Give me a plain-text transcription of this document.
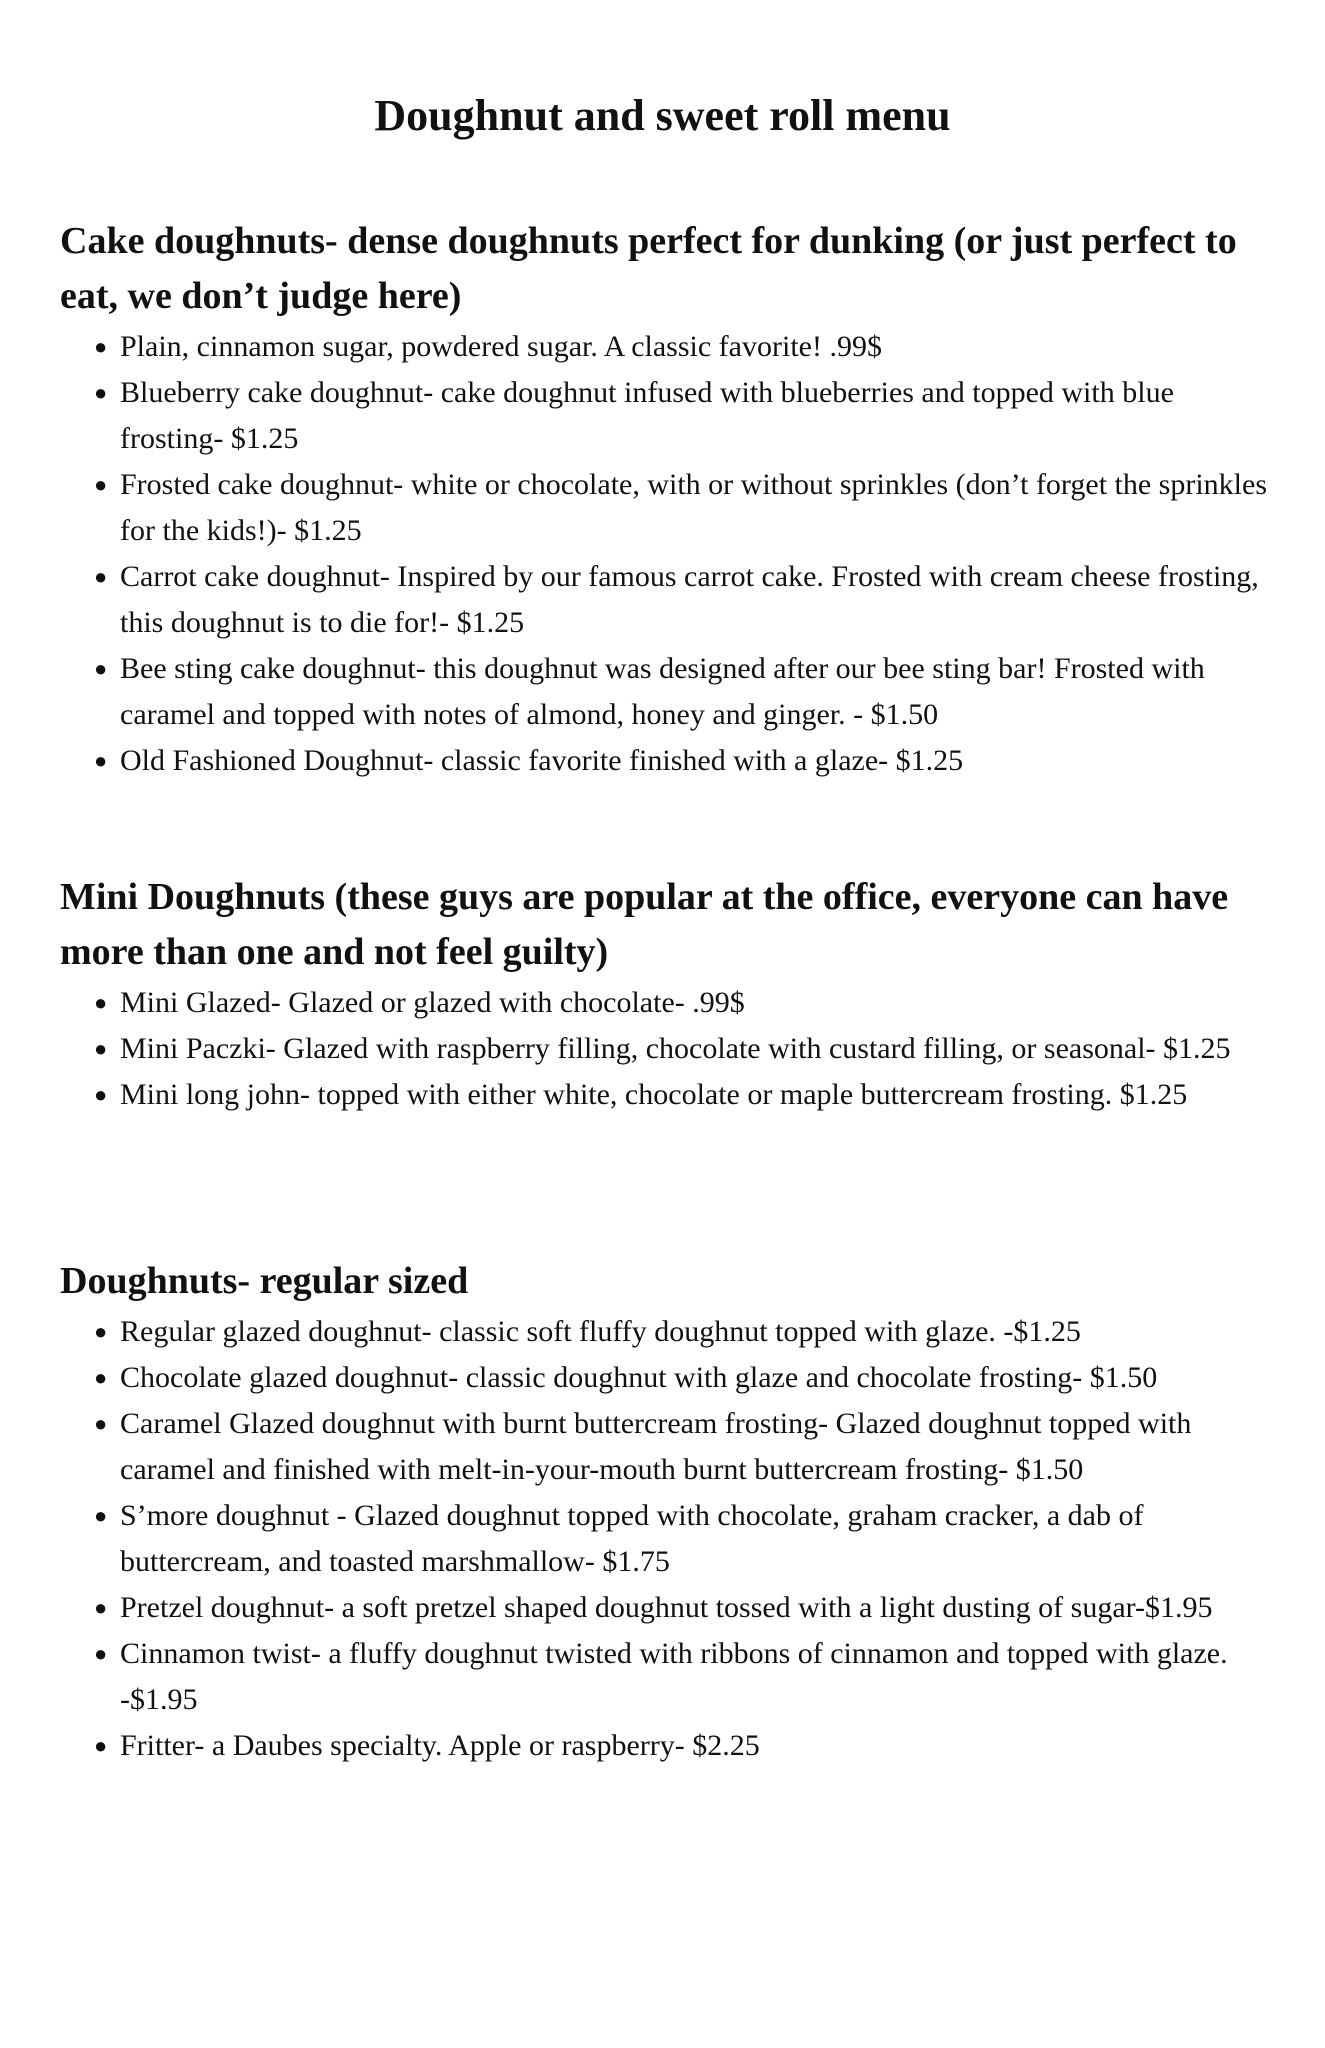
Doughnut and sweet roll menu
Cake doughnuts- dense doughnuts perfect for dunking (or just perfect to eat, we don’t judge here)
● Plain, cinnamon sugar, powdered sugar. A classic favorite! .99$
● Blueberry cake doughnut- cake doughnut infused with blueberries and topped with blue frosting- $1.25
● Frosted cake doughnut- white or chocolate, with or without sprinkles (don’t forget the sprinkles for the kids!)- $1.25
● Carrot cake doughnut- Inspired by our famous carrot cake. Frosted with cream cheese frosting, this doughnut is to die for!- $1.25
● Bee sting cake doughnut- this doughnut was designed after our bee sting bar! Frosted with caramel and topped with notes of almond, honey and ginger. - $1.50
● Old Fashioned Doughnut- classic favorite finished with a glaze- $1.25
Mini Doughnuts (these guys are popular at the office, everyone can have more than one and not feel guilty)
● Mini Glazed- Glazed or glazed with chocolate- .99$
● Mini Paczki- Glazed with raspberry filling, chocolate with custard filling, or seasonal- $1.25
● Mini long john- topped with either white, chocolate or maple buttercream frosting. $1.25
Doughnuts- regular sized
● Regular glazed doughnut- classic soft fluffy doughnut topped with glaze. -$1.25
● Chocolate glazed doughnut- classic doughnut with glaze and chocolate frosting- $1.50
● Caramel Glazed doughnut with burnt buttercream frosting- Glazed doughnut topped with caramel and finished with melt-in-your-mouth burnt buttercream frosting- $1.50
● S’more doughnut - Glazed doughnut topped with chocolate, graham cracker, a dab of buttercream, and toasted marshmallow- $1.75
● Pretzel doughnut- a soft pretzel shaped doughnut tossed with a light dusting of sugar-$1.95
● Cinnamon twist- a fluffy doughnut twisted with ribbons of cinnamon and topped with glaze. -$1.95
● Fritter- a Daubes specialty. Apple or raspberry- $2.25
